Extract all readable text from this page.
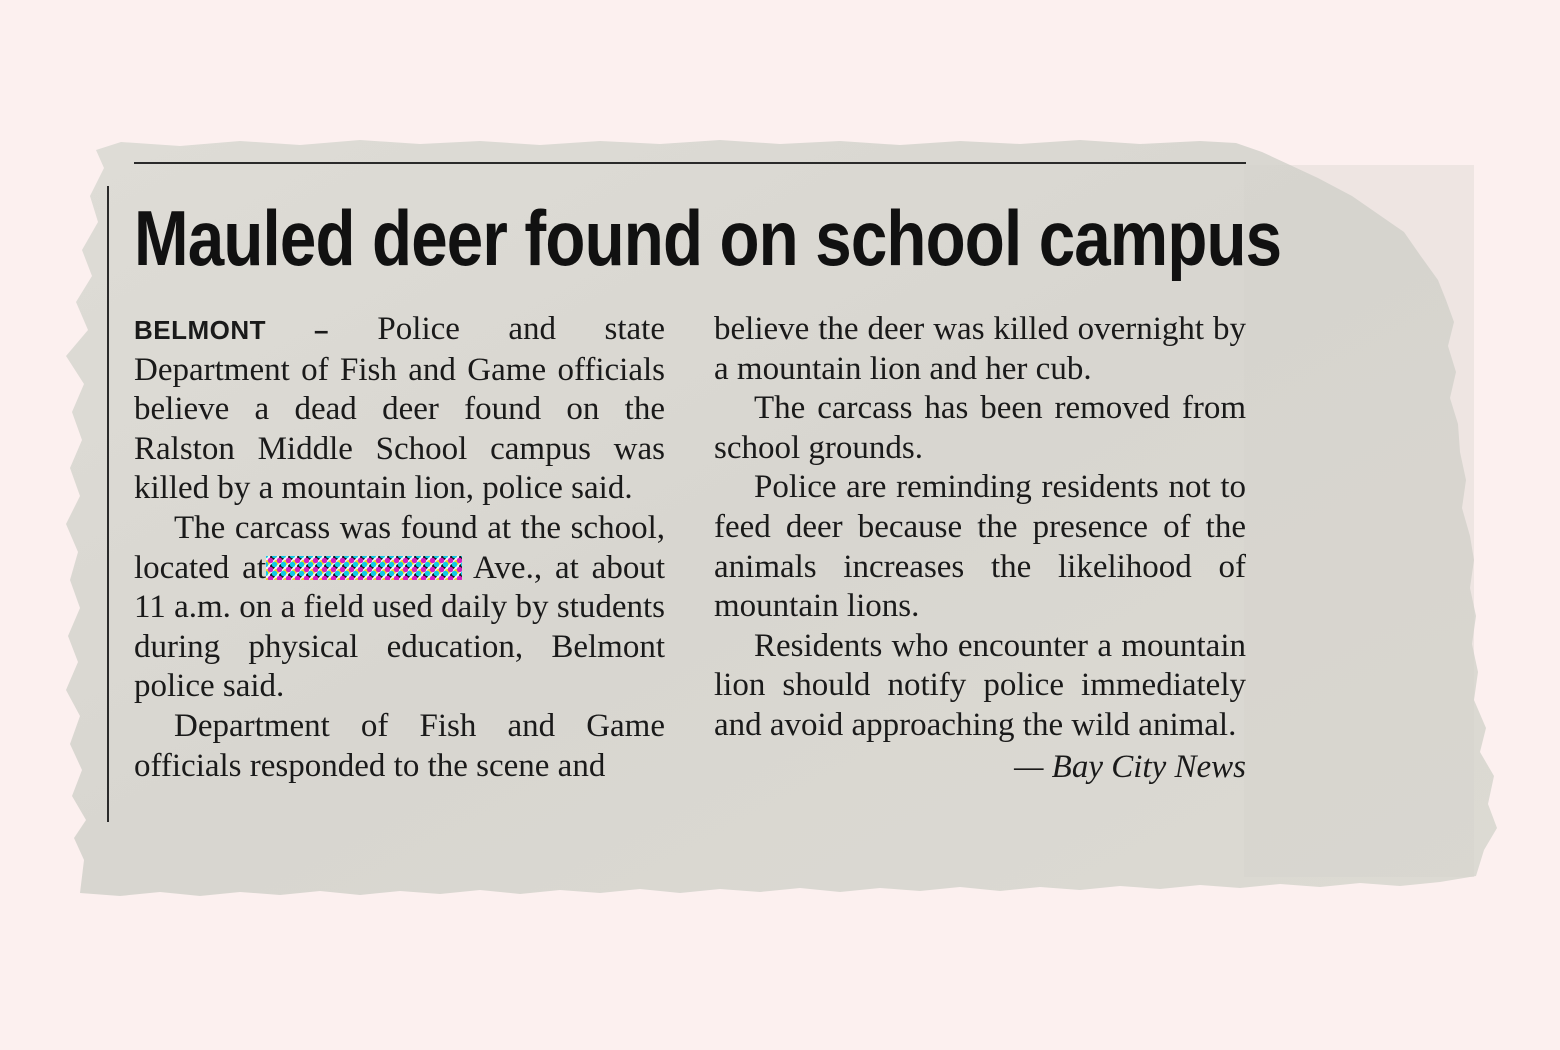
Mauled deer found on school campus

BELMONT – Police and state Department of Fish and Game officials believe a dead deer found on the Ralston Middle School campus was killed by a mountain lion, police said.

The carcass was found at the school, located at	Ave., at about 11 a.m. on a field used daily by students during physical education, Belmont police said.

Department of Fish and Game officials responded to the scene and

believe the deer was killed overnight by a mountain lion and her cub.

The carcass has been removed from school grounds.

Police are reminding residents not to feed deer because the presence of the animals increases the likelihood of mountain lions.

Residents who encounter a mountain lion should notify police immediately and avoid approaching the wild animal.

— Bay City News
